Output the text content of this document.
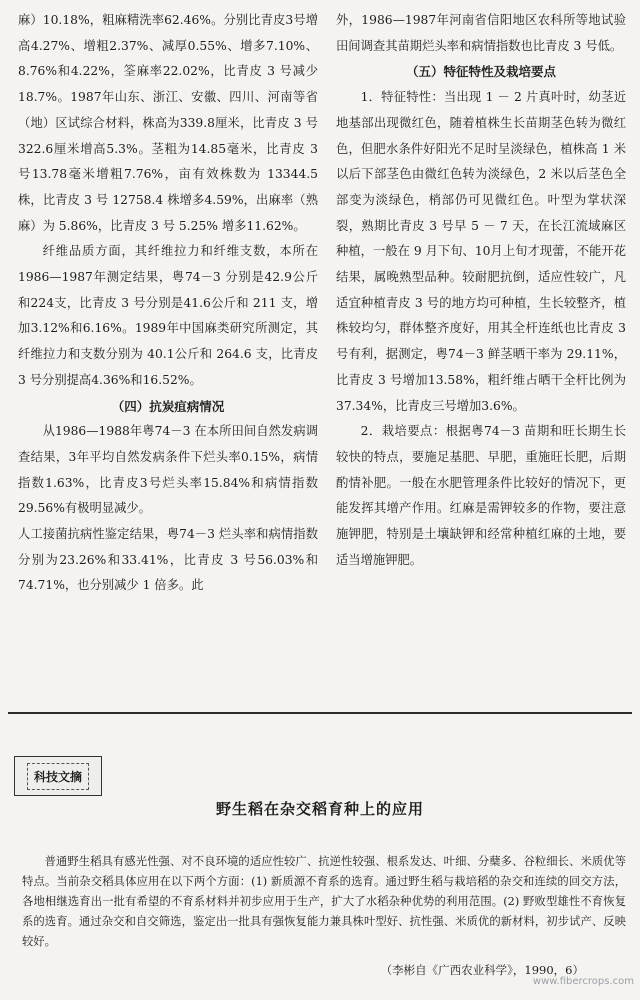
麻）10.18%，粗麻精洗率62.46%。分别比青皮3号增高4.27%、增粗2.37%、减厚0.55%、增多7.10%、8.76%和4.22%，筌麻率22.02%，比青皮 3 号减少18.7%。1987年山东、浙江、安徽、四川、河南等省（地）区试综合材料，株高为339.8厘米，比青皮 3 号322.6厘米增高5.3%。茎粗为14.85毫米，比青皮 3 号13.78毫米增粗7.76%，亩有效株数为 13344.5 株，比青皮 3 号 12758.4 株增多4.59%，出麻率（熟麻）为 5.86%，比青皮 3 号 5.25% 增多11.62%。

纤维品质方面，其纤维拉力和纤维支数，本所在1986—1987年测定结果，粤74－3 分别是42.9公斤和224支，比青皮 3 号分别是41.6公斤和 211 支，增加3.12%和6.16%。1989年中国麻类研究所测定，其纤维拉力和支数分别为 40.1公斤和 264.6 支，比青皮 3 号分别提高4.36%和16.52%。

（四）抗炭疽病情况

从1986—1988年粤74－3 在本所田间自然发病调查结果，3年平均自然发病条件下烂头率0.15%，病情指数1.63%，比青皮3号烂头率15.84%和病情指数29.56%有极明显减少。

人工接菌抗病性鉴定结果，粤74－3 烂头率和病情指数分别为23.26%和33.41%，比青皮 3 号56.03%和74.71%，也分别减少 1 倍多。此

外，1986—1987年河南省信阳地区农科所等地试验田间调查其苗期烂头率和病情指数也比青皮 3 号低。

（五）特征特性及栽培要点

1．特征特性：当出现 1 － 2 片真叶时，幼茎近地基部出现微红色，随着植株生长苗期茎色转为微红色，但肥水条件好阳光不足时呈淡绿色，植株高 1 米以后下部茎色由微红色转为淡绿色，2 米以后茎色全部变为淡绿色，梢部仍可见微红色。叶型为掌状深裂，熟期比青皮 3 号早 5 － 7 天，在长江流域麻区种植，一般在 9 月下旬、10月上旬才现蕾，不能开花结果，属晚熟型品种。较耐肥抗倒，适应性较广，凡适宜种植青皮 3 号的地方均可种植，生长较整齐，植株较均匀，群体整齐度好，用其全杆连纸也比青皮 3 号有利，据测定，粤74－3 鲜茎晒干率为 29.11%，比青皮 3 号增加13.58%，粗纤维占晒干全杆比例为37.34%，比青皮三号增加3.6%。

2．栽培要点：根据粤74－3 苗期和旺长期生长较快的特点，要施足基肥、早肥，重施旺长肥，后期酌情补肥。一般在水肥管理条件比较好的情况下，更能发挥其增产作用。红麻是需钾较多的作物，要注意施钾肥，特别是土壤缺钾和经常种植红麻的土地，要适当增施钾肥。

科技文摘
野生稻在杂交稻育种上的应用

普通野生稻具有感光性强、对不良环境的适应性较广、抗逆性较强、根系发达、叶细、分蘖多、谷粒细长、米质优等特点。当前杂交稻具体应用在以下两个方面：(1) 新质源不育系的选育。通过野生稻与栽培稻的杂交和连续的回交方法，各地相继选育出一批有希望的不育系材料并初步应用于生产，扩大了水稻杂种优势的利用范围。(2) 野败型雄性不育恢复系的选育。通过杂交和自交筛选，鉴定出一批具有强恢复能力兼具株叶型好、抗性强、米质优的新材料，初步试产、反映较好。

（李彬自《广西农业科学》，1990，6）
www.fibercrops.com
